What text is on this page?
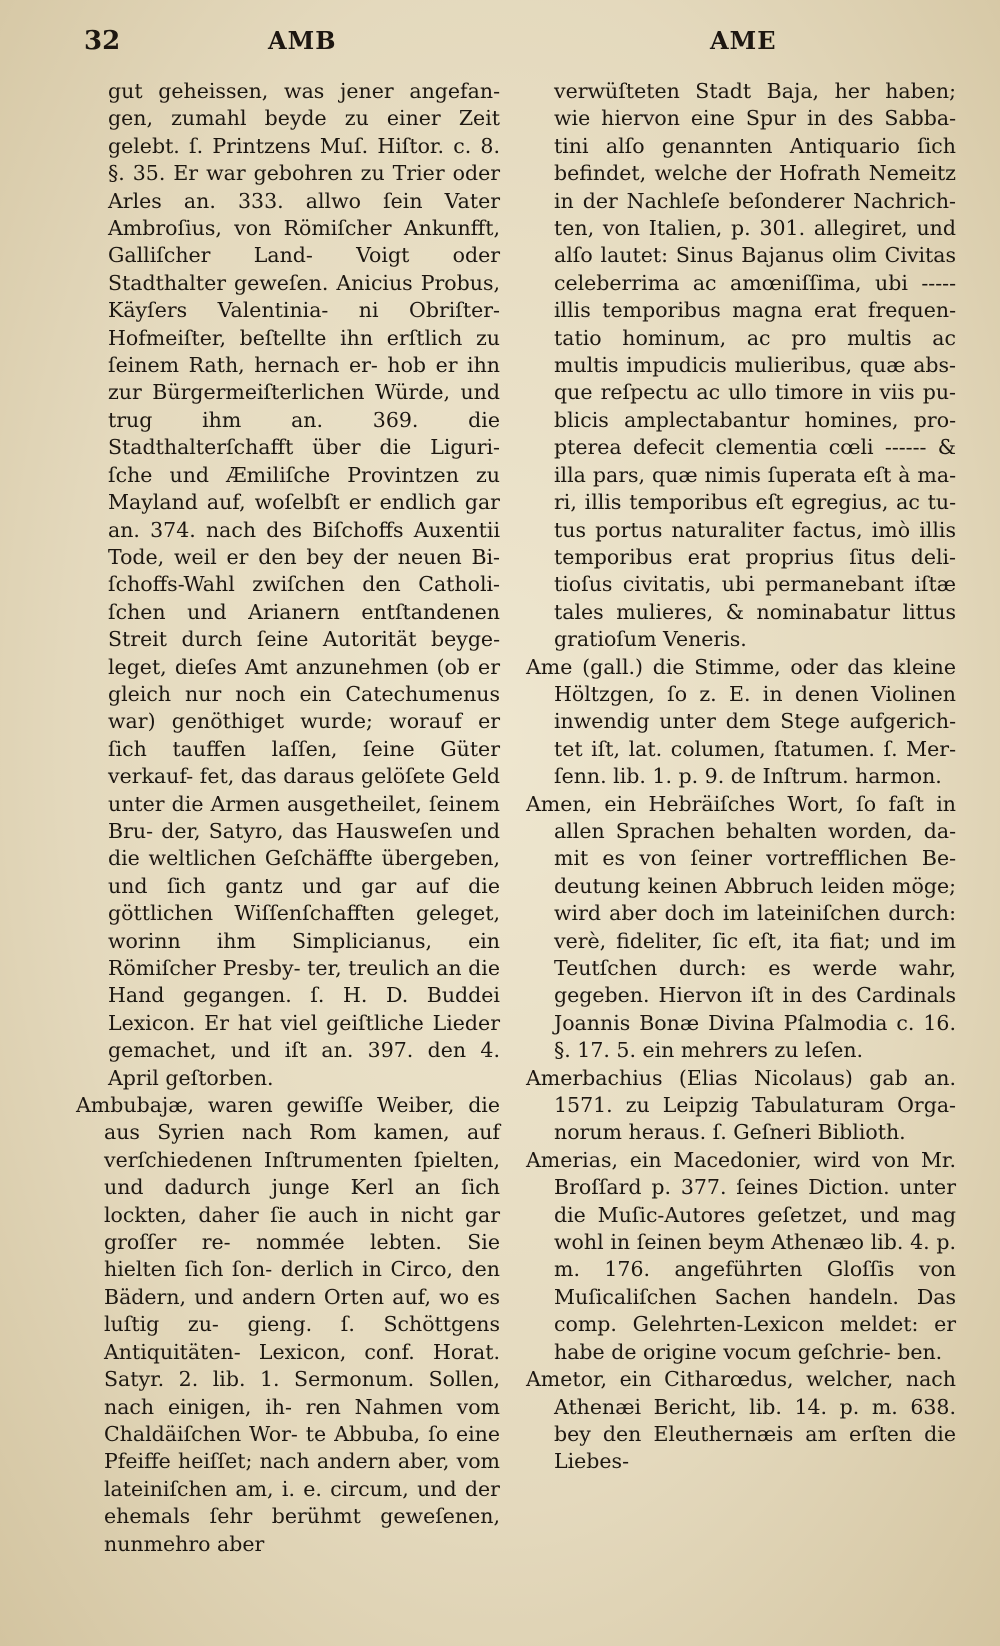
32	AMB	AME

gut geheissen, was jener angefan- gen, zumahl beyde zu einer Zeit gelebt. ſ. Printzens Muſ. Hiſtor. c. 8. §. 35. Er war gebohren zu Trier oder Arles an. 333. allwo ſein Vater Ambroſius, von Römiſcher Ankunfft, Galliſcher Land- Voigt oder Stadthalter geweſen. Anicius Probus, Käyſers Valentinia- ni Obriſter-Hofmeiſter, beſtellte ihn erſtlich zu ſeinem Rath, hernach er- hob er ihn zur Bürgermeiſterlichen Würde, und trug ihm an. 369. die Stadthalterſchafft über die Liguri- ſche und Æmiliſche Provintzen zu Mayland auf, woſelbſt er endlich gar an. 374. nach des Biſchoffs Auxentii Tode, weil er den bey der neuen Bi- ſchoffs-Wahl zwiſchen den Catholi- ſchen und Arianern entſtandenen Streit durch ſeine Autorität beyge- leget, dieſes Amt anzunehmen (ob er gleich nur noch ein Catechumenus war) genöthiget wurde; worauf er ſich tauffen laſſen, ſeine Güter verkauf- fet, das daraus gelöſete Geld unter die Armen ausgetheilet, ſeinem Bru- der, Satyro, das Hausweſen und die weltlichen Geſchäffte übergeben, und ſich gantz und gar auf die göttlichen Wiſſenſchafften geleget, worinn ihm Simplicianus, ein Römiſcher Presby- ter, treulich an die Hand gegangen. ſ. H. D. Buddei Lexicon. Er hat viel geiſtliche Lieder gemachet, und iſt an. 397. den 4. April geſtorben.

Ambubajæ, waren gewiſſe Weiber, die aus Syrien nach Rom kamen, auf verſchiedenen Inſtrumenten ſpielten, und dadurch junge Kerl an ſich lockten, daher ſie auch in nicht gar groſſer re- nommée lebten. Sie hielten ſich ſon- derlich in Circo, den Bädern, und andern Orten auf, wo es luſtig zu- gieng. ſ. Schöttgens Antiquitäten- Lexicon, conf. Horat. Satyr. 2. lib. 1. Sermonum. Sollen, nach einigen, ih- ren Nahmen vom Chaldäiſchen Wor- te Abbuba, ſo eine Pfeiffe heiſſet; nach andern aber, vom lateiniſchen am, i. e. circum, und der ehemals ſehr berühmt geweſenen, nunmehro aber

verwüſteten Stadt Baja, her haben; wie hiervon eine Spur in des Sabba- tini alſo genannten Antiquario ſich befindet, welche der Hofrath Nemeitz in der Nachleſe beſonderer Nachrich- ten, von Italien, p. 301. allegiret, und alſo lautet: Sinus Bajanus olim Civitas celeberrima ac amœniſſima, ubi ----- illis temporibus magna erat frequen- tatio hominum, ac pro multis ac multis impudicis mulieribus, quæ abs- que reſpectu ac ullo timore in viis pu- blicis amplectabantur homines, pro- pterea defecit clementia cœli ------ & illa pars, quæ nimis ſuperata eſt à ma- ri, illis temporibus eſt egregius, ac tu- tus portus naturaliter factus, imò illis temporibus erat proprius ſitus deli- tioſus civitatis, ubi permanebant iſtæ tales mulieres, & nominabatur littus gratioſum Veneris.

Ame (gall.) die Stimme, oder das kleine Höltzgen, ſo z. E. in denen Violinen inwendig unter dem Stege aufgerich- tet iſt, lat. columen, ſtatumen. ſ. Mer- ſenn. lib. 1. p. 9. de Inſtrum. harmon.

Amen, ein Hebräiſches Wort, ſo faſt in allen Sprachen behalten worden, da- mit es von ſeiner vortrefflichen Be- deutung keinen Abbruch leiden möge; wird aber doch im lateiniſchen durch: verè, fideliter, ſic eſt, ita fiat; und im Teutſchen durch: es werde wahr, gegeben. Hiervon iſt in des Cardinals Joannis Bonæ Divina Pſalmodia c. 16. §. 17. 5. ein mehrers zu leſen.

Amerbachius (Elias Nicolaus) gab an. 1571. zu Leipzig Tabulaturam Orga- norum heraus. ſ. Geſneri Biblioth.

Amerias, ein Macedonier, wird von Mr. Broſſard p. 377. ſeines Diction. unter die Muſic-Autores geſetzet, und mag wohl in ſeinen beym Athenæo lib. 4. p. m. 176. angeführten Gloſſis von Muſicaliſchen Sachen handeln. Das comp. Gelehrten-Lexicon meldet: er habe de origine vocum geſchrie- ben.

Ametor, ein Citharœdus, welcher, nach Athenæi Bericht, lib. 14. p. m. 638. bey den Eleuthernæis am erſten die Liebes-
